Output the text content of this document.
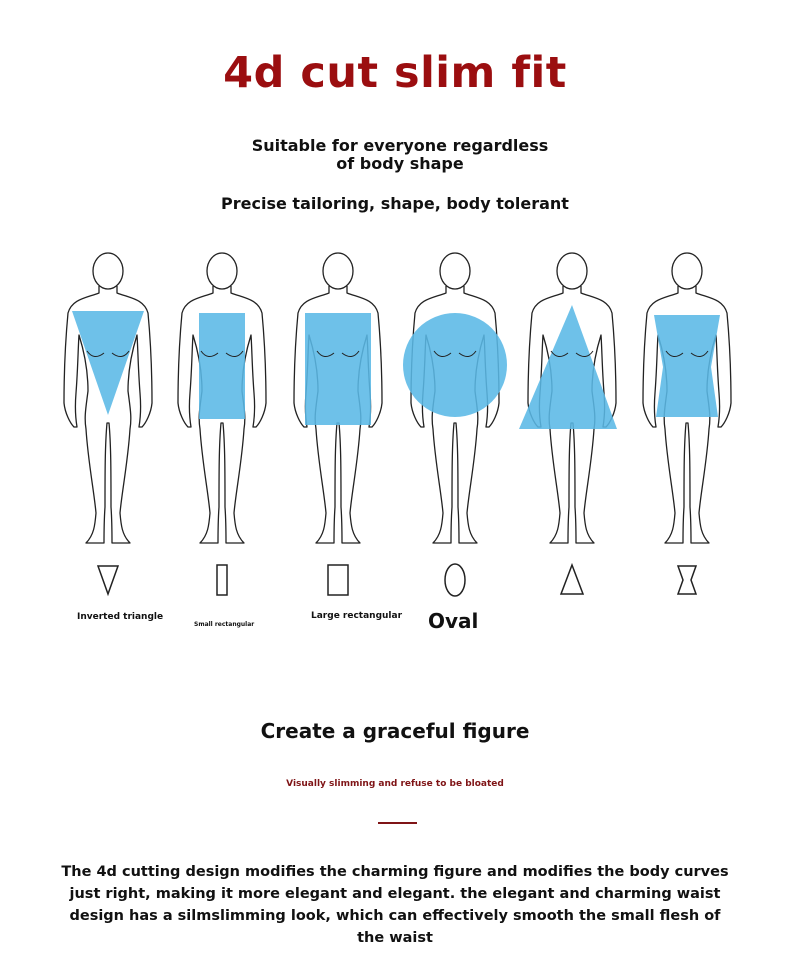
4d cut slim fit
Suitable for everyone regardless of body shape
Precise tailoring, shape, body tolerant
Inverted triangle
Small rectangular
Large rectangular Oval
Create a graceful figure
Visually slimming and refuse to be bloated
The 4d cutting design modifies the charming figure and modifies the body curves just right, making it more elegant and elegant. the elegant and charming waist design has a silmslimming look, which can effectively smooth the small flesh of the waist
